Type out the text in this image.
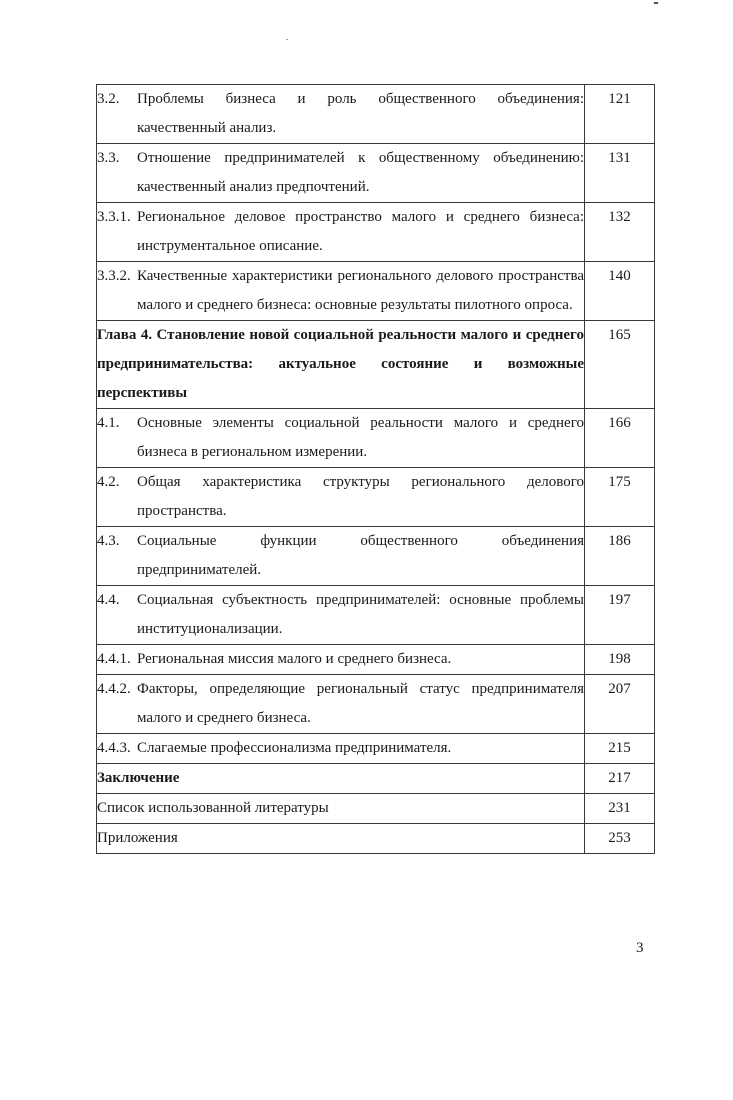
3.2. Проблемы бизнеса и роль общественного объединения: качественный анализ.	121

3.3. Отношение предпринимателей к общественному объединению: качественный анализ предпочтений.	131

3.3.1. Региональное деловое пространство малого и среднего бизнеса: инструментальное описание.	132

3.3.2. Качественные характеристики регионального делового пространства малого и среднего бизнеса: основные результаты пилотного опроса.	140

Глава 4. Становление новой социальной реальности малого и среднего предпринимательства: актуальное состояние и возможные перспективы	165

4.1. Основные элементы социальной реальности малого и среднего бизнеса в региональном измерении.	166

4.2. Общая характеристика структуры регионального делового пространства.	175

4.3. Социальные функции общественного объединения предпринимателей.	186

4.4. Социальная субъектность предпринимателей: основные проблемы институционализации.	197

4.4.1. Региональная миссия малого и среднего бизнеса.	198

4.4.2. Факторы, определяющие региональный статус предпринимателя малого и среднего бизнеса.	207

4.4.3. Слагаемые профессионализма предпринимателя.	215

Заключение	217

Список использованной литературы	231

Приложения	253
3
